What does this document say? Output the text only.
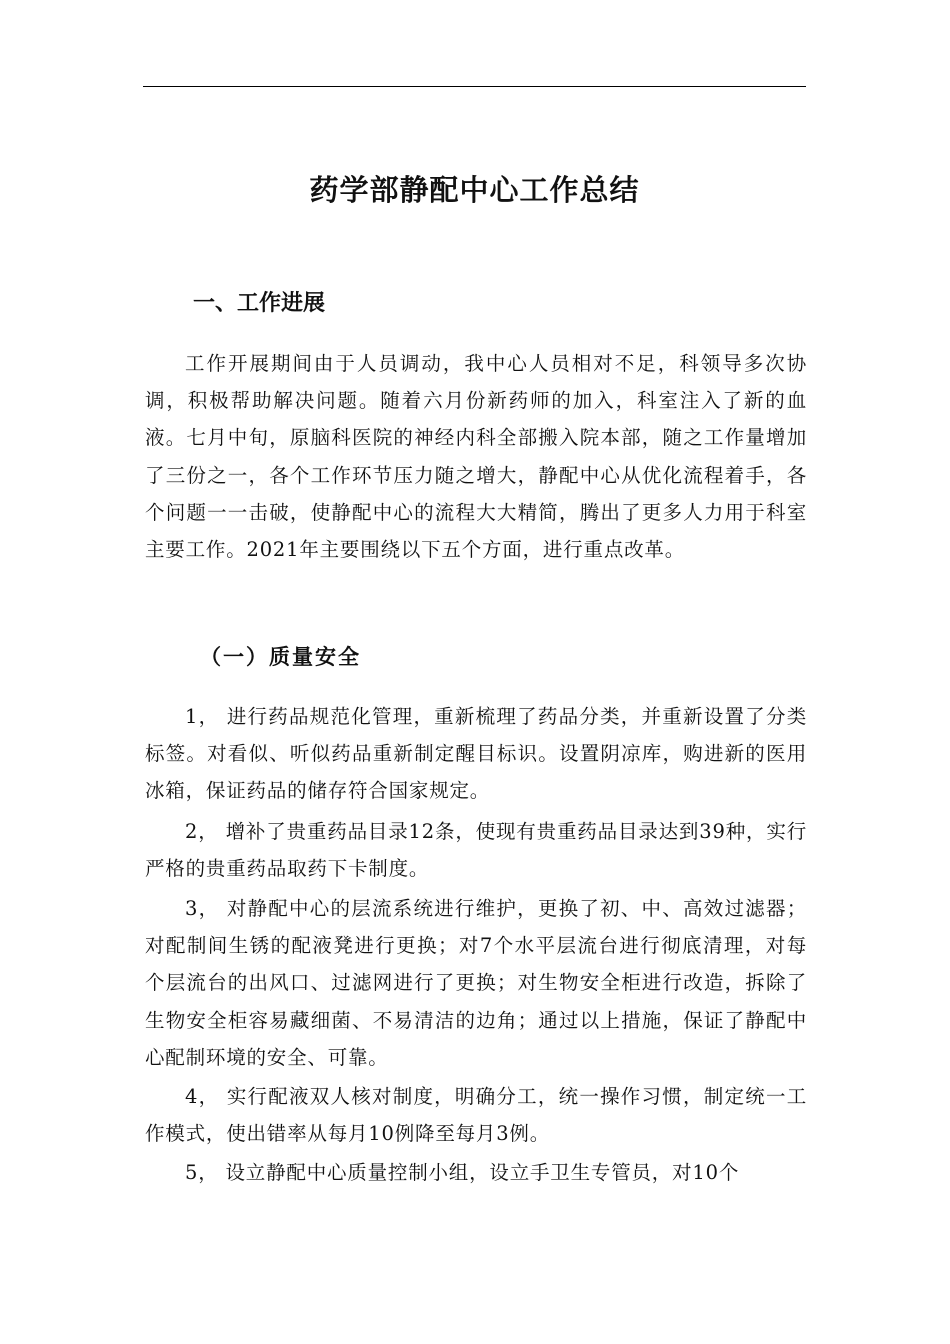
药学部静配中心工作总结
一、工作进展

工作开展期间由于人员调动，我中心人员相对不足，科领导多次协调，积极帮助解决问题。随着六月份新药师的加入，科室注入了新的血液。七月中旬，原脑科医院的神经内科全部搬入院本部，随之工作量增加了三份之一，各个工作环节压力随之增大，静配中心从优化流程着手，各个问题一一击破，使静配中心的流程大大精简，腾出了更多人力用于科室主要工作。2021年主要围绕以下五个方面，进行重点改革。

（一）质量安全

1， 进行药品规范化管理，重新梳理了药品分类，并重新设置了分类标签。对看似、听似药品重新制定醒目标识。设置阴凉库，购进新的医用冰箱，保证药品的储存符合国家规定。

2， 增补了贵重药品目录12条，使现有贵重药品目录达到39种，实行严格的贵重药品取药下卡制度。

3， 对静配中心的层流系统进行维护，更换了初、中、高效过滤器；对配制间生锈的配液凳进行更换；对7个水平层流台进行彻底清理，对每个层流台的出风口、过滤网进行了更换；对生物安全柜进行改造，拆除了生物安全柜容易藏细菌、不易清洁的边角；通过以上措施，保证了静配中心配制环境的安全、可靠。

4， 实行配液双人核对制度，明确分工，统一操作习惯，制定统一工作模式，使出错率从每月10例降至每月3例。

5， 设立静配中心质量控制小组，设立手卫生专管员，对10个
